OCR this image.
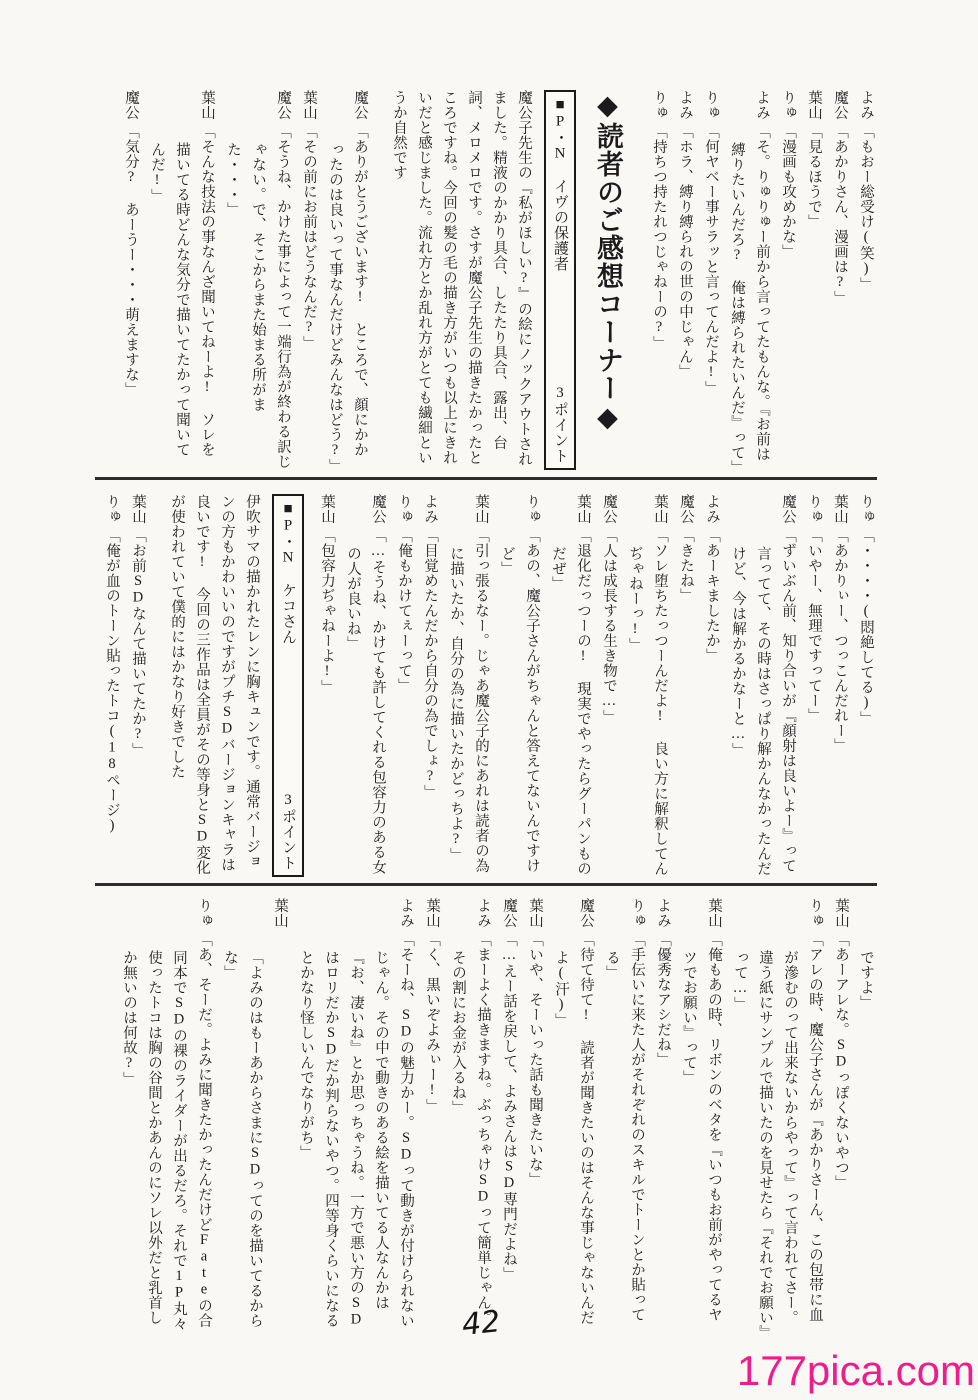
よみ「もおー総受け(笑)」
魔公「あかりさん、漫画は?」
葉山「見るほうで」
りゅ「漫画も攻めかな」
よみ「そ。りゅりゅー前から言ってたもんな。『お前は縛りたいんだろ? 俺は縛られたいんだ』って」
りゅ「何ヤベー事サラッと言ってんだよ!」
よみ「ホラ、縛り縛られの世の中じゃん」
りゅ「持ちつ持たれつじゃねーの?」
◆読者のご感想コーナー◆
■P・N イヴの保護者
3ポイント
魔公子先生の『私がほしい?』の絵にノックアウトされました。精液のかかり具合、したたり具合、露出、台詞、メロメロです。さすが魔公子先生の描きたかったところですね。今回の髪の毛の描き方がいつも以上にきれいだと感じました。流れ方とか乱れ方がとても繊細というか自然です
魔公「ありがとうございます! ところで、顔にかかったのは良いって事なんだけどみんなはどう?」
葉山「その前にお前はどうなんだ?」
魔公「そうね、かけた事によって一端行為が終わる訳じゃない。で、そこからまた始まる所がまた・・・」
葉山「そんな技法の事なんざ聞いてねーよ! ソレを描いてる時どんな気分で描いてたかって聞いてんだ!」
魔公「気分? あーうー・・・萌えますな」
りゅ「・・・・(悶絶してる)」
葉山「あかりぃー、つっこんだれー」
りゅ「いやー、無理ですってー」
魔公「ずいぶん前、知り合いが『顔射は良いよー』って言ってて、その時はさっぱり解かんなかったんだけど、今は解かるかなーと…」
よみ「あーキましたか」
魔公「きたね」
葉山「ソレ堕ちたっつーんだよ! 良い方に解釈してんぢゃねーっ!」
魔公「人は成長する生き物で…」
葉山「退化だっつーの! 現実でやったらグーパンものだぜ」
りゅ「あの、魔公子さんがちゃんと答えてないんですけど」
葉山「引っ張るなー。じゃあ魔公子的にあれは読者の為に描いたか、自分の為に描いたかどっちよ?」
よみ「目覚めたんだから自分の為でしょ?」
りゅ「俺もかけてぇーって」
魔公「…そうね、かけても許してくれる包容力のある女の人が良いね」
葉山「包容力ぢゃねーよ!」
■P・N ケコさん
3ポイント
伊吹サマの描かれたレンに胸キュンです。通常バージョンの方もかわいいのですがプチSDバージョンキャラは良いです! 今回の三作品は全員がその等身とSD変化が使われていて僕的にはかなり好きでした
葉山「お前SDなんて描いてたか?」
りゅ「俺が血のトーン貼ったトコ(18ページ)
ですよ」
葉山「あーアレな。SDっぽくないやつ」
りゅ「アレの時、魔公子さんが『あかりさーん、この包帯に血が滲むのって出来ないからやって』って言われてさー。違う紙にサンプルで描いたのを見せたら『それでお願い』って…」
葉山「俺もあの時、リボンのベタを『いつもお前がやってるヤツでお願い』って」
よみ「優秀なアシだね」
りゅ「手伝いに来た人がそれぞれのスキルでトーンとか貼ってる」
魔公「待て待て! 読者が聞きたいのはそんな事じゃないんだよ(汗)」
葉山「いや、そーいった話も聞きたいな」
魔公「…えー話を戻して、よみさんはSD専門だよね」
よみ「まーよく描きますね。ぶっちゃけSDって簡単じゃん。その割にお金が入るね」
葉山「く、黒いぞよみぃー!」
よみ「そーね、SDの魅力かー。SDって動きが付けられないじゃん。その中で動きのある絵を描いてる人なんかは『お、凄いね』とか思っちゃうね。一方で悪い方のSDはロリだかSDだか判らないやつ。四等身くらいになるとかなり怪しいんでなりがち」
葉山「よみのはもーあからさまにSDってのを描いてるからな」
りゅ「あ、そーだ。よみに聞きたかったんだけどFateの合同本でSDの裸のライダーが出るだろ。それで1P丸々使ったトコは胸の谷間とかあんのにソレ以外だと乳首しか無いのは何故?」
42
177pica.com
